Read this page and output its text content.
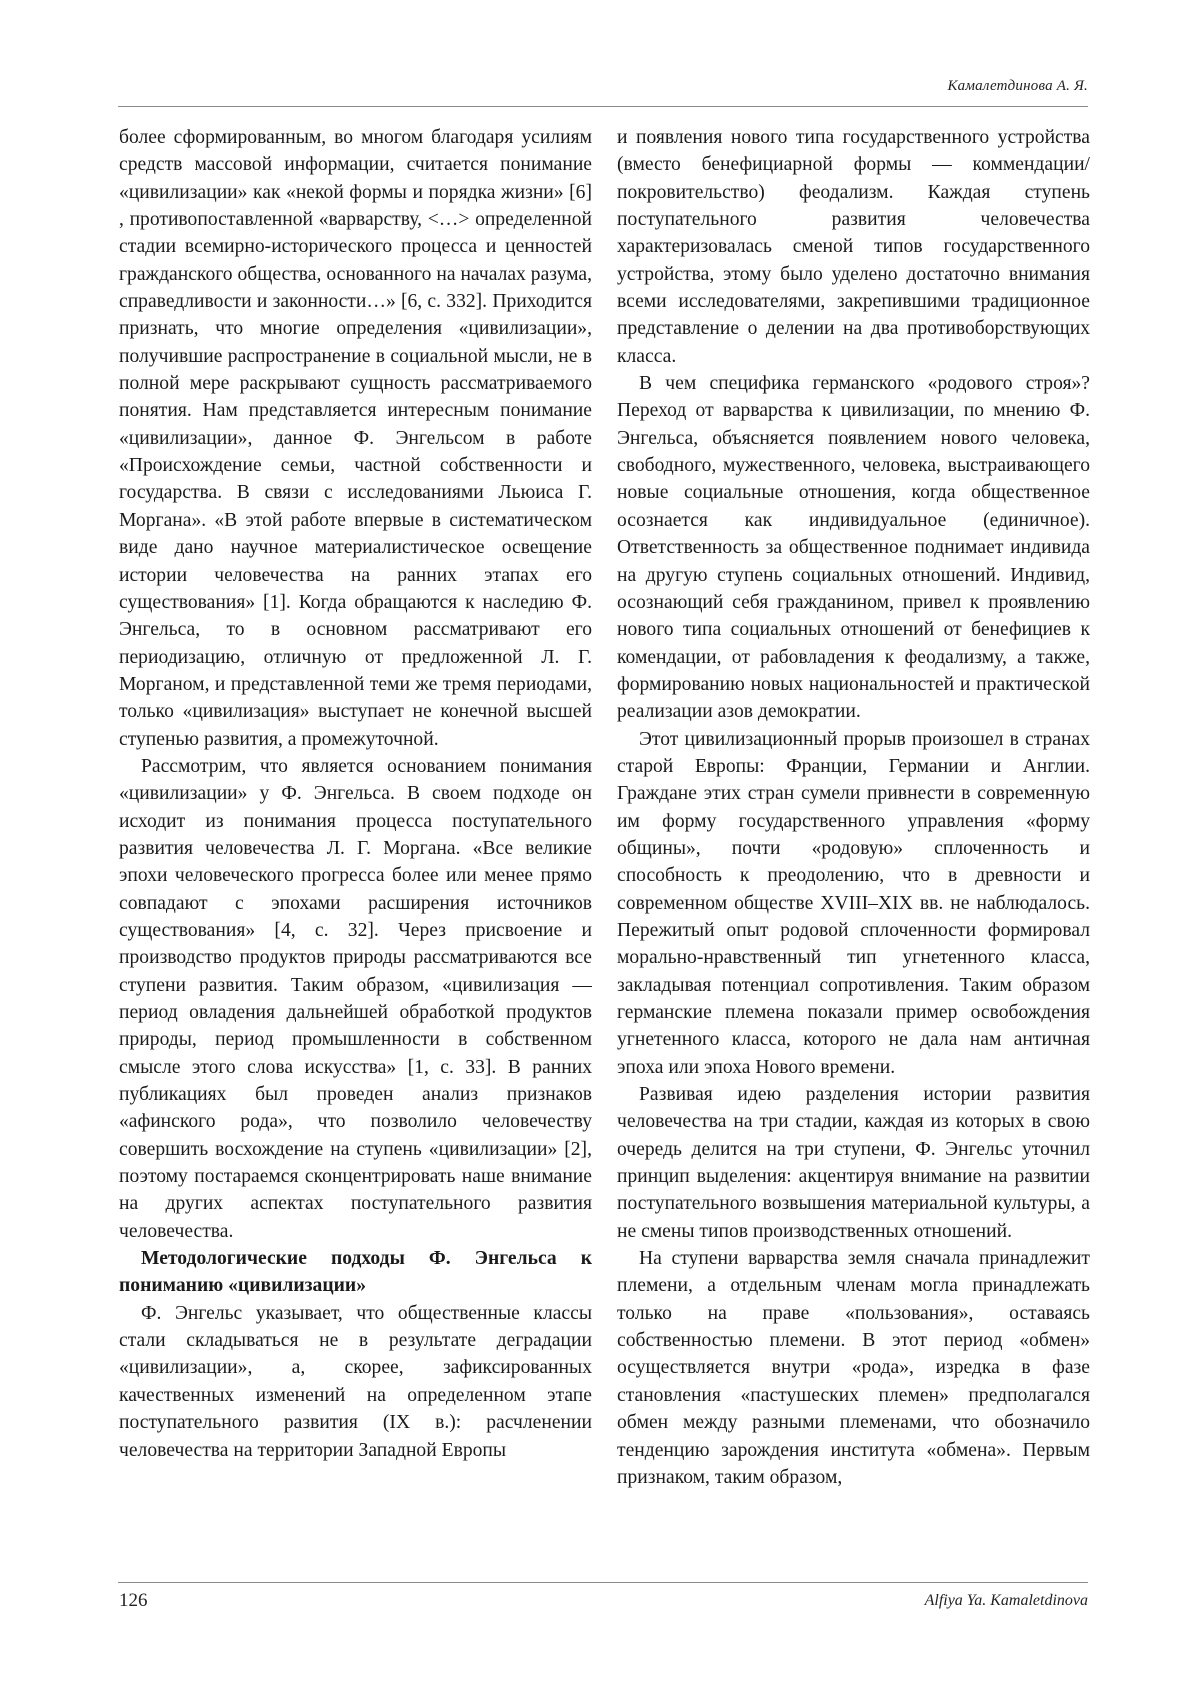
Камалетдинова А. Я.

более сформированным, во многом благодаря усилиям средств массовой информации, считается понимание «цивилизации» как «некой формы и порядка жизни» [6] , противопоставленной «варварству, <…> определенной стадии всемирно-исторического процесса и ценностей гражданского общества, основанного на началах разума, справедливости и законности…» [6, с. 332]. Приходится признать, что многие определения «цивилизации», получившие распространение в социальной мысли, не в полной мере раскрывают сущность рассматриваемого понятия. Нам представляется интересным понимание «цивилизации», данное Ф. Энгельсом в работе «Происхождение семьи, частной собственности и государства. В связи с исследованиями Льюиса Г. Моргана». «В этой работе впервые в систематическом виде дано научное материалистическое освещение истории человечества на ранних этапах его существования» [1]. Когда обращаются к наследию Ф. Энгельса, то в основном рассматривают его периодизацию, отличную от предложенной Л. Г. Морганом, и представленной теми же тремя периодами, только «цивилизация» выступает не конечной высшей ступенью развития, а промежуточной.

Рассмотрим, что является основанием понимания «цивилизации» у Ф. Энгельса. В своем подходе он исходит из понимания процесса поступательного развития человечества Л. Г. Моргана. «Все великие эпохи человеческого прогресса более или менее прямо совпадают с эпохами расширения источников существования» [4, с. 32]. Через присвоение и производство продуктов природы рассматриваются все ступени развития. Таким образом, «цивилизация — период овладения дальнейшей обработкой продуктов природы, период промышленности в собственном смысле этого слова искусства» [1, с. 33]. В ранних публикациях был проведен анализ признаков «афинского рода», что позволило человечеству совершить восхождение на ступень «цивилизации» [2], поэтому постараемся сконцентрировать наше внимание на других аспектах поступательного развития человечества.

Методологические подходы Ф. Энгельса к пониманию «цивилизации»

Ф. Энгельс указывает, что общественные классы стали складываться не в результате деградации «цивилизации», а, скорее, зафиксированных качественных изменений на определенном этапе поступательного развития (IX в.): расчленении человечества на территории Западной Европы

и появления нового типа государственного устройства (вместо бенефициарной формы — коммендации/покровительство) феодализм. Каждая ступень поступательного развития человечества характеризовалась сменой типов государственного устройства, этому было уделено достаточно внимания всеми исследователями, закрепившими традиционное представление о делении на два противоборствующих класса.

В чем специфика германского «родового строя»? Переход от варварства к цивилизации, по мнению Ф. Энгельса, объясняется появлением нового человека, свободного, мужественного, человека, выстраивающего новые социальные отношения, когда общественное осознается как индивидуальное (единичное). Ответственность за общественное поднимает индивида на другую ступень социальных отношений. Индивид, осознающий себя гражданином, привел к проявлению нового типа социальных отношений от бенефициев к комендации, от рабовладения к феодализму, а также, формированию новых национальностей и практической реализации азов демократии.

Этот цивилизационный прорыв произошел в странах старой Европы: Франции, Германии и Англии. Граждане этих стран сумели привнести в современную им форму государственного управления «форму общины», почти «родовую» сплоченность и способность к преодолению, что в древности и современном обществе XVIII–XIX вв. не наблюдалось. Пережитый опыт родовой сплоченности формировал морально-нравственный тип угнетенного класса, закладывая потенциал сопротивления. Таким образом германские племена показали пример освобождения угнетенного класса, которого не дала нам античная эпоха или эпоха Нового времени.

Развивая идею разделения истории развития человечества на три стадии, каждая из которых в свою очередь делится на три ступени, Ф. Энгельс уточнил принцип выделения: акцентируя внимание на развитии поступательного возвышения материальной культуры, а не смены типов производственных отношений.

На ступени варварства земля сначала принадлежит племени, а отдельным членам могла принадлежать только на праве «пользования», оставаясь собственностью племени. В этот период «обмен» осуществляется внутри «рода», изредка в фазе становления «пастушеских племен» предполагался обмен между разными племенами, что обозначило тенденцию зарождения института «обмена». Первым признаком, таким образом,

126	Alfiya Ya. Kamaletdinova
